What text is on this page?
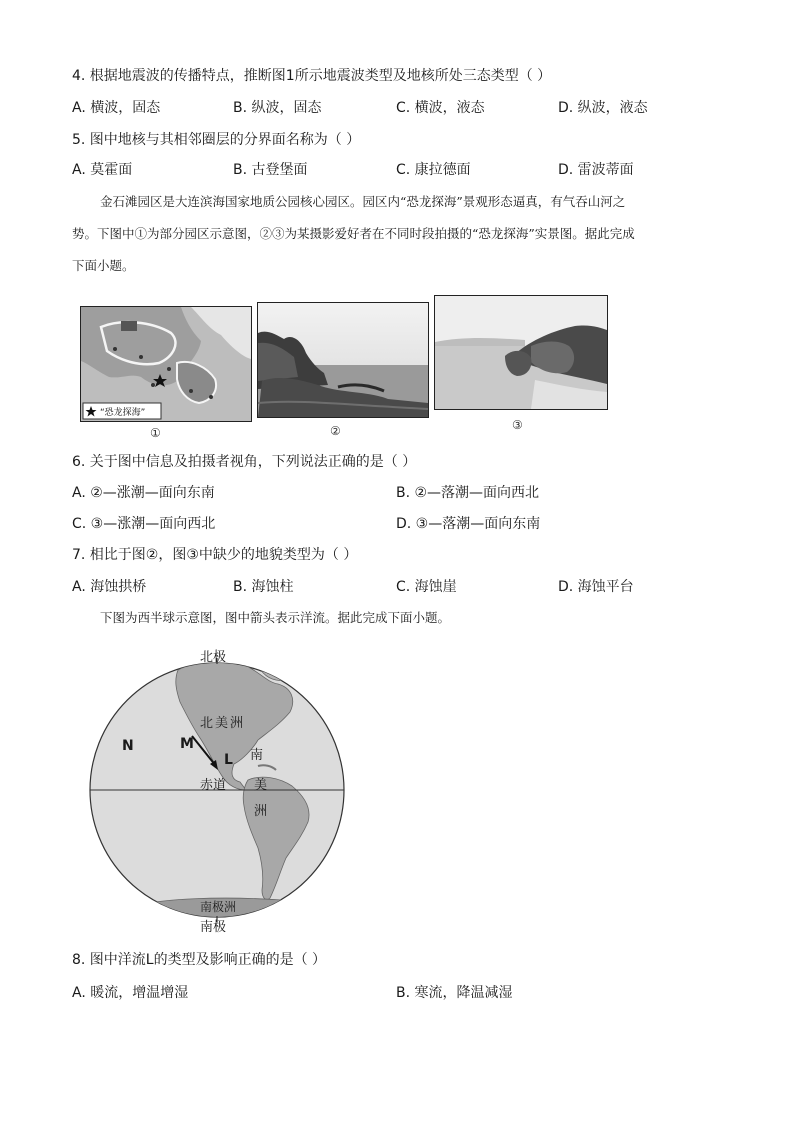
4. 根据地震波的传播特点，推断图1所示地震波类型及地核所处三态类型（ ）
A. 横波，固态	B. 纵波，固态	C. 横波，液态	D. 纵波，液态
5. 图中地核与其相邻圈层的分界面名称为（ ）
A. 莫霍面	B. 古登堡面	C. 康拉德面	D. 雷波蒂面
金石滩园区是大连滨海国家地质公园核心园区。园区内“恐龙探海”景观形态逼真，有气吞山河之
势。下图中①为部分园区示意图，②③为某摄影爱好者在不同时段拍摄的“恐龙探海”实景图。据此完成
下面小题。
“恐龙探海”
①	②	③
6. 关于图中信息及拍摄者视角，下列说法正确的是（ ）
A. ②—涨潮—面向东南	B. ②—落潮—面向西北
C. ③—涨潮—面向西北	D. ③—落潮—面向东南
7. 相比于图②，图③中缺少的地貌类型为（ ）
A. 海蚀拱桥	B. 海蚀柱	C. 海蚀崖	D. 海蚀平台
下图为西半球示意图，图中箭头表示洋流。据此完成下面小题。
北极
南极
北美洲
南
美
洲
南极洲
赤道
N	M
L
8. 图中洋流L的类型及影响正确的是（ ）
A. 暖流，增温增湿	B. 寒流，降温减湿
